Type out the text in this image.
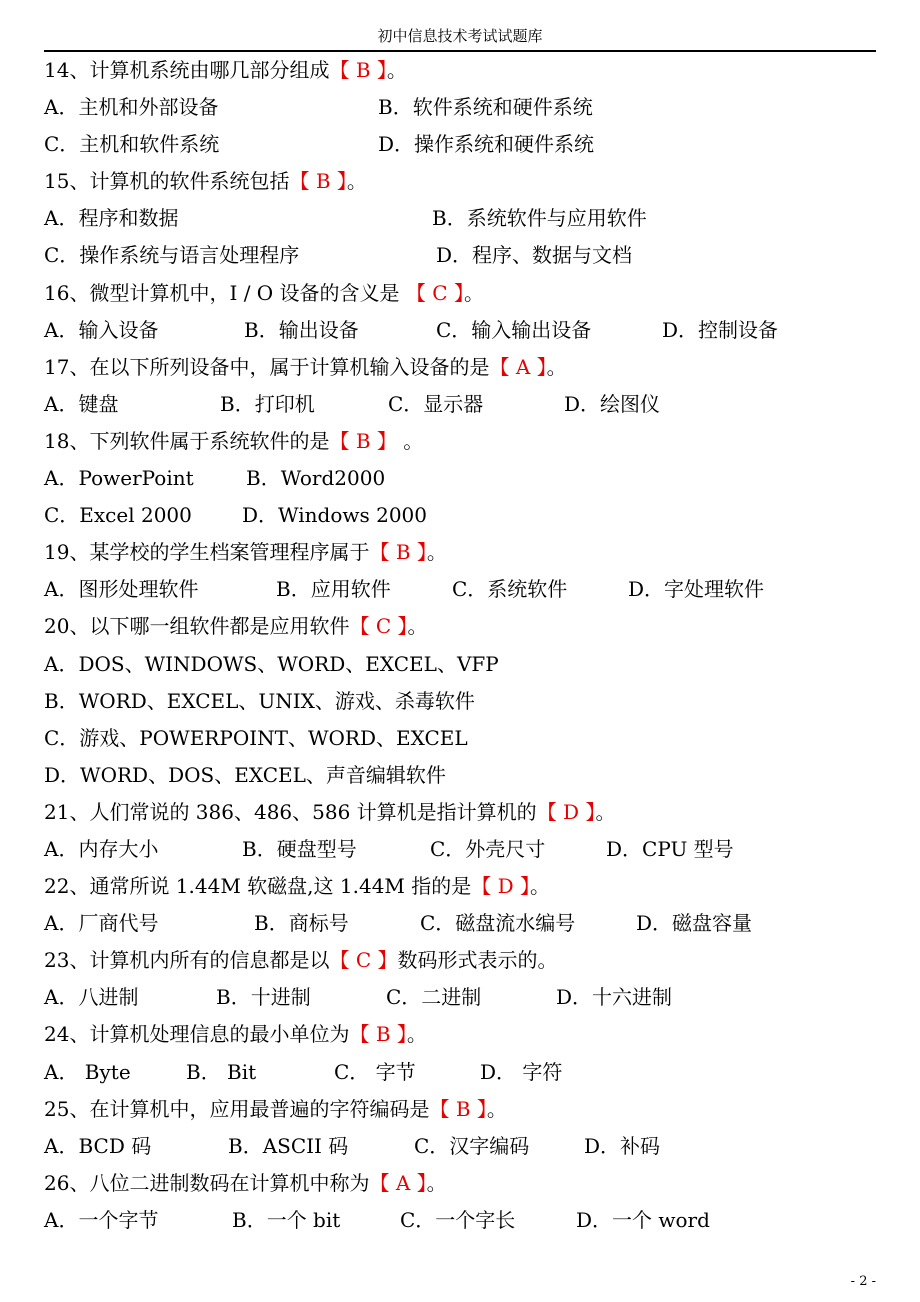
初中信息技术考试试题库
14、计算机系统由哪几部分组成【 B 】。
A．主机和外部设备	B．软件系统和硬件系统
C．主机和软件系统	D．操作系统和硬件系统
15、计算机的软件系统包括【 B 】。
A．程序和数据	B．系统软件与应用软件
C．操作系统与语言处理程序	D．程序、数据与文档
16、微型计算机中，I / O 设备的含义是 【 C 】。
A．输入设备	B．输出设备	C．输入输出设备	D．控制设备
17、在以下所列设备中，属于计算机输入设备的是【 A 】。
A．键盘	B．打印机	C．显示器	D．绘图仪
18、下列软件属于系统软件的是【 B 】 。
A．PowerPoint	B．Word2000
C．Excel 2000	D．Windows 2000
19、某学校的学生档案管理程序属于【 B 】。
A．图形处理软件	B．应用软件	C．系统软件	D．字处理软件
20、以下哪一组软件都是应用软件【 C 】。
A．DOS、WINDOWS、WORD、EXCEL、VFP
B．WORD、EXCEL、UNIX、游戏、杀毒软件
C．游戏、POWERPOINT、WORD、EXCEL
D．WORD、DOS、EXCEL、声音编辑软件
21、人们常说的 386、486、586 计算机是指计算机的【 D 】。
A．内存大小	B．硬盘型号	C．外壳尺寸	D．CPU 型号
22、通常所说 1.44M 软磁盘,这 1.44M 指的是【 D 】。
A．厂商代号	B．商标号	C．磁盘流水编号	D．磁盘容量
23、计算机内所有的信息都是以【 C 】数码形式表示的。
A．八进制	B．十进制	C．二进制	D．十六进制
24、计算机处理信息的最小单位为【 B 】。
A． Byte	B． Bit	C． 字节	D． 字符
25、在计算机中，应用最普遍的字符编码是【 B 】。
A．BCD 码	B．ASCII 码	C．汉字编码	D．补码
26、八位二进制数码在计算机中称为【 A 】。
A．一个字节	B．一个 bit	C．一个字长	D．一个 word
- 2 -
